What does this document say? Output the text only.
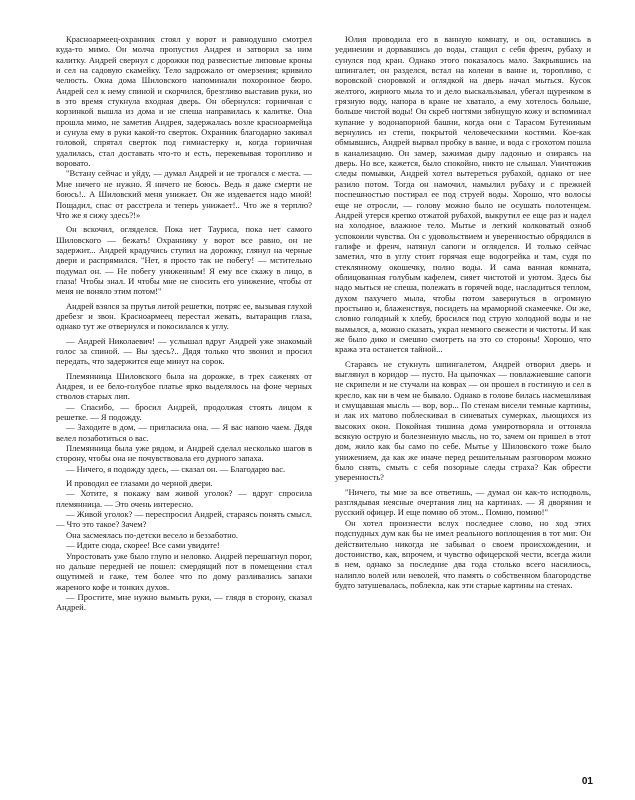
Красноармеец-охранник стоял у ворот и равнодушно смотрел куда-то мимо. Он молча пропустил Андрея и затворил за ним калитку. Андрей свернул с дорожки под развесистые липовые кроны и сел на садовую скамейку. Тело задрожало от омерзения; кривило челюсть. Окна дома Шиловского напоминали похоронное бюро. Андрей сел к нему спиной и скорчился, брезгливо выставив руки, но в это время стукнула входная дверь. Он обернулся: горничная с корзинкой вышла из дома и не спеша направилась к калитке. Она прошла мимо, не заметив Андрея, задержалась возле красноармейца и сунула ему в руки какой-то сверток. Охранник благодарно закивал головой, спрятал сверток под гимнастерку и, когда горничная удалилась, стал доставать что-то и есть, перекевывая торопливо и воровато.

"Встану сейчас и уйду, — думал Андрей и не трогался с места. — Мне ничего не нужно. Я ничего не боюсь. Ведь я даже смерти не боюсь!.. А Шиловский меня унижает. Он же издевается надо мной! Пощадил, спас от расстрела и теперь унижает!.. Что же я терплю? Что же я сижу здесь?!»

Он вскочил, огляделся. Пока нет Тауриса, пока нет самого Шиловского — бежать! Охраннику у ворот все равно, он не задержит... Андрей крадучись ступил на дорожку, глянул на черные двери и распрямился. "Нет, я просто так не побегу! — мстительно подумал он. — Не побегу униженным! Я ему все скажу в лицо, в глаза! Чтобы знал. И чтобы мне не сносить его унижение, чтобы от меня не воняло этим потом!"

Андрей взялся за прутья литой решетки, потряс ее, вызывая глухой дребезг и звон. Красноармеец перестал жевать, вытаращив глаза, однако тут же отвернулся и покосилался к углу.

— Андрей Николаевич! — услышал вдруг Андрей уже знакомый голос за спиной. — Вы здесь?.. Дядя только что звонил и просил передать, что задержится еще минут на сорок.

Племянница Шиловского была на дорожке, в трех саженях от Андрея, и ее бело-голубое платье ярко выделялось на фоне черных стволов старых лип.

— Спасибо, — бросил Андрей, продолжая стоять лицом к решетке. — Я подожду.

— Заходите в дом, — пригласила она. — Я вас напою чаем. Дядя велел позаботиться о вас.

Племянница была уже рядом, и Андрей сделал несколько шагов в сторону, чтобы она не почувствовала его дурного запаха.

— Ничего, я подожду здесь, — сказал он. — Благодарю вас.

И проводил ее глазами до черной двери.

— Хотите, я покажу вам живой уголок? — вдруг спросила племянница. — Это очень интересно.

— Живой уголок? — переспросил Андрей, стараясь понять смысл. — Что это такое? Зачем?

Она засмеялась по-детски весело и беззаботно.

— Идите сюда, скорее! Все сами увидите!

Упростовать уже было глупо и неловко. Андрей перешагнул порог, но дальше передней не пошел: смердящий пот в помещении стал ощутимей и гаже, тем более что по дому разливались запахи жареного кофе и тонких духов.

— Простите, мне нужно вымыть руки, — глядя в сторону, сказал Андрей.

Юлия проводила его в ванную комнату, и он, оставшись в уединении и дорвавшись до воды, стащил с себя френч, рубаху и сунулся под кран. Однако этого показалось мало. Закрывшись на шпингалет, он разделся, встал на колени в ванне и, торопливо, с воровской сноровкой и оглядкой на дверь начал мыться. Кусок желтого, жирного мыла то и дело выскальзывал, убегал щуренком в грязную воду, напора в кране не хватало, а ему хотелось больше, больше чистой воды! Он скреб ногтями зябнущую кожу и вспоминал купание у водонапорной башни, когда они с Тарасом Бутениным вернулись из степи, покрытой человеческими костями. Кое-как обмывшись, Андрей вырвал пробку в ванне, и вода с грохотом пошла в канализацию. Он замер, зажимая дыру ладонью и озираясь на дверь. Но все, кажется, было спокойно, никто не слышал. Уничтожив следы помывки, Андрей хотел вытереться рубахой, однако от нее разило потом. Тогда он намочил, намылил рубаху и с прежней поспешностью постирал ее под струей воды. Хорошо, что волосы еще не отросли, — голову можно было не осушать полотенцем. Андрей утерся крепко отжатой рубахой, выкрутил ее еще раз и надел на холодное, влажное тело. Мытье и легкий колковатый озноб успокоили чувства. Он с удовольствием и уверенностью обрядился в галифе и френч, натянул сапоги и огляделся. И только сейчас заметил, что в углу стоит горячая еще водогрейка и там, судя по стеклянному окошечку, полно воды. И сама ванная комната, облицованная голубым кафелем, сияет чистотой и уютом. Здесь бы надо мыться не спеша, полежать в горячей воде, насладиться теплом, духом пахучего мыла, чтобы потом завернуться в огромную простыню и, блаженствуя, посидеть на мраморной скамеечке. Он же, словно голодный к хлебу, бросился под струю холодной воды и не вымылся, а, можно сказать, украл немного свежести и чистоты. И как же было дико и смешно смотреть на это со стороны! Хорошо, что кража эта останется тайной...

Стараясь не стукнуть шпингалетом, Андрей отворил дверь и выглянул в коридор — пусто. На цыпочках — повлажневшие сапоги не скрипели и не стучали на ковpax — он прошел в гостиную и сел в кресло, как ни в чем не бывало. Однако в голове билась насмешливая и смущавшая мысль — вор, вор... По стенам висели темные картины, и лак их матово поблескивал в синеватых сумерках, льющихся из высоких окон. Покойная тишина дома умиротворяла и оттоняла всякую острую и болезненную мысль, но то, зачем он пришел в этот дом, жило как бы само по себе. Мытье у Шиловского тоже было унижением, да как же иначе перед решительным разговором можно было снять, смыть с себя позорные следы страха? Как обрести уверенность?

"Ничего, ты мне за все ответишь, — думал он как-то исподволь, разглядывая неясные очертания лиц на картинах. — Я дворянин и русский офицер. И еще помню об этом... Помню, помню!"

Он хотел произнести вслух последнее слово, но ход этих подспудных дум как бы не имел реального воплощения в тот миг. Он действительно никогда не забывал о своем происхождении, и достоинство, как, впрочем, и чувство офицерской чести, всегда жили в нем, однако за последние два года столько всего насилиось, налипло волей или неволей, что память о собственном благородстве будто затушевалась, поблекла, как эти старые картины на стенах.

01
